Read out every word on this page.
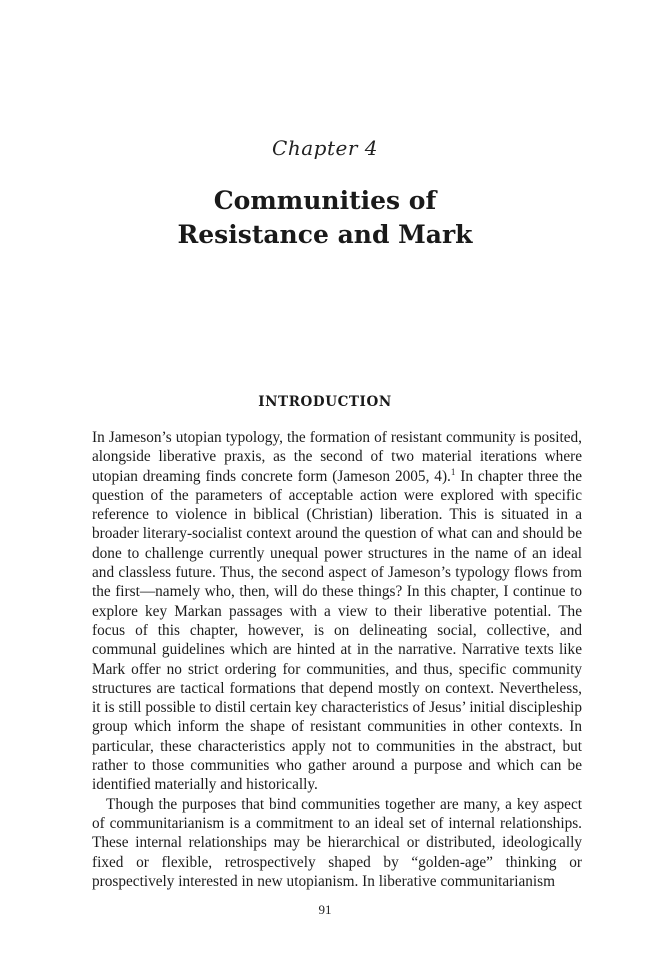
Chapter 4
Communities of
Resistance and Mark
INTRODUCTION

In Jameson’s utopian typology, the formation of resistant community is posited, alongside liberative praxis, as the second of two material iterations where utopian dreaming finds concrete form (Jameson 2005, 4).$^1$ In chapter three the question of the parameters of acceptable action were explored with specific reference to violence in biblical (Christian) liberation. This is situated in a broader literary-socialist context around the question of what can and should be done to challenge currently unequal power structures in the name of an ideal and classless future. Thus, the second aspect of Jameson’s typology flows from the first—namely who, then, will do these things? In this chapter, I continue to explore key Markan passages with a view to their liberative potential. The focus of this chapter, however, is on delineating social, collective, and communal guidelines which are hinted at in the narrative. Narrative texts like Mark offer no strict ordering for communities, and thus, specific community structures are tactical formations that depend mostly on context. Nevertheless, it is still possible to distil certain key characteristics of Jesus’ initial discipleship group which inform the shape of resistant communities in other contexts. In particular, these characteristics apply not to communities in the abstract, but rather to those communities who gather around a purpose and which can be identified materially and historically.

Though the purposes that bind communities together are many, a key aspect of communitarianism is a commitment to an ideal set of internal relationships. These internal relationships may be hierarchical or distributed, ideologically fixed or flexible, retrospectively shaped by “golden-age” thinking or prospectively interested in new utopianism. In liberative communitarianism

91
